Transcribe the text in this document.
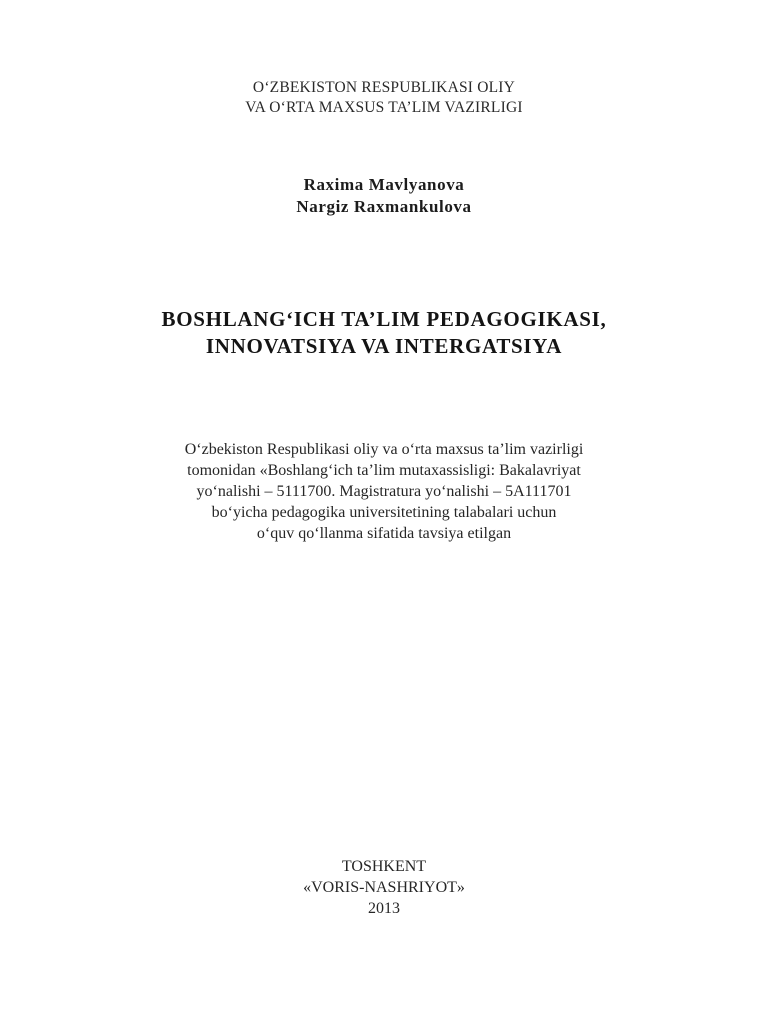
O‘ZBEKISTON RESPUBLIKASI OLIY
VA O‘RTA MAXSUS TA’LIM VAZIRLIGI
Raxima Mavlyanova
Nargiz Raxmankulova
BOSHLANG‘ICH TA’LIM PEDAGOGIKASI,
INNOVATSIYA VA INTERGATSIYA
O‘zbekiston Respublikasi oliy va o‘rta maxsus ta’lim vazirligi
tomonidan «Boshlang‘ich ta’lim mutaxassisligi: Bakalavriyat
yo‘nalishi – 5111700. Magistratura yo‘nalishi – 5A111701
bo‘yicha pedagogika universitetining talabalari uchun
o‘quv qo‘llanma sifatida tavsiya etilgan
TOSHKENT
«VORIS-NASHRIYOT»
2013
